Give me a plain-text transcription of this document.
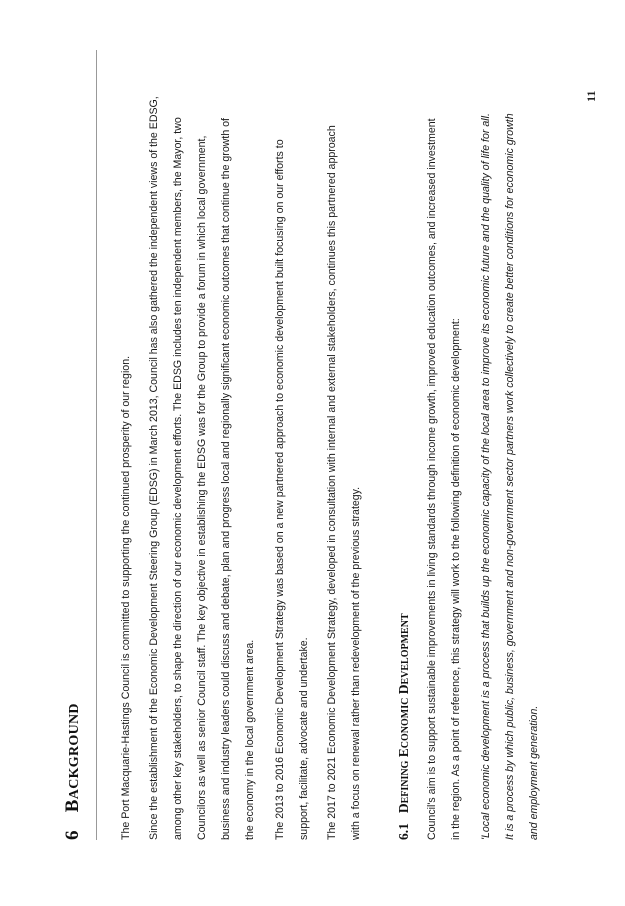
6BACKGROUND
11
The Port Macquarie-Hastings Council is committed to supporting the continued prosperity of our region. Since the establishment of the Economic Development Steering Group (EDSG) in March 2013, Council has also gathered the independent views of the EDSG, among other key stakeholders, to shape the direction of our economic development efforts. The EDSG includes ten independent members, the Mayor, two Councilors as well as senior Council staff. The key objective in establishing the EDSG was for the Group to provide a forum in which local government, business and industry leaders could discuss and debate, plan and progress local and regionally significant economic outcomes that continue the growth of the economy in the local government area. The 2013 to 2016 Economic Development Strategy was based on a new partnered approach to economic development built focusing on our efforts to support, facilitate, advocate and undertake. The 2017 to 2021 Economic Development Strategy, developed in consultation with internal and external stakeholders, continues this partnered approach with a focus on renewal rather than redevelopment of the previous strategy.	6.1DEFINING ECONOMIC DEVELOPMENT Council's aim is to support sustainable improvements in living standards through income growth, improved education outcomes, and increased investment in the region. As a point of reference, this strategy will work to the following definition of economic development: 'Local economic development is a process that builds up the economic capacity of the local area to improve its economic future and the quality of life for all. It is a process by which public, business, government and non-government sector partners work collectively to create better conditions for economic growth and employment generation.
